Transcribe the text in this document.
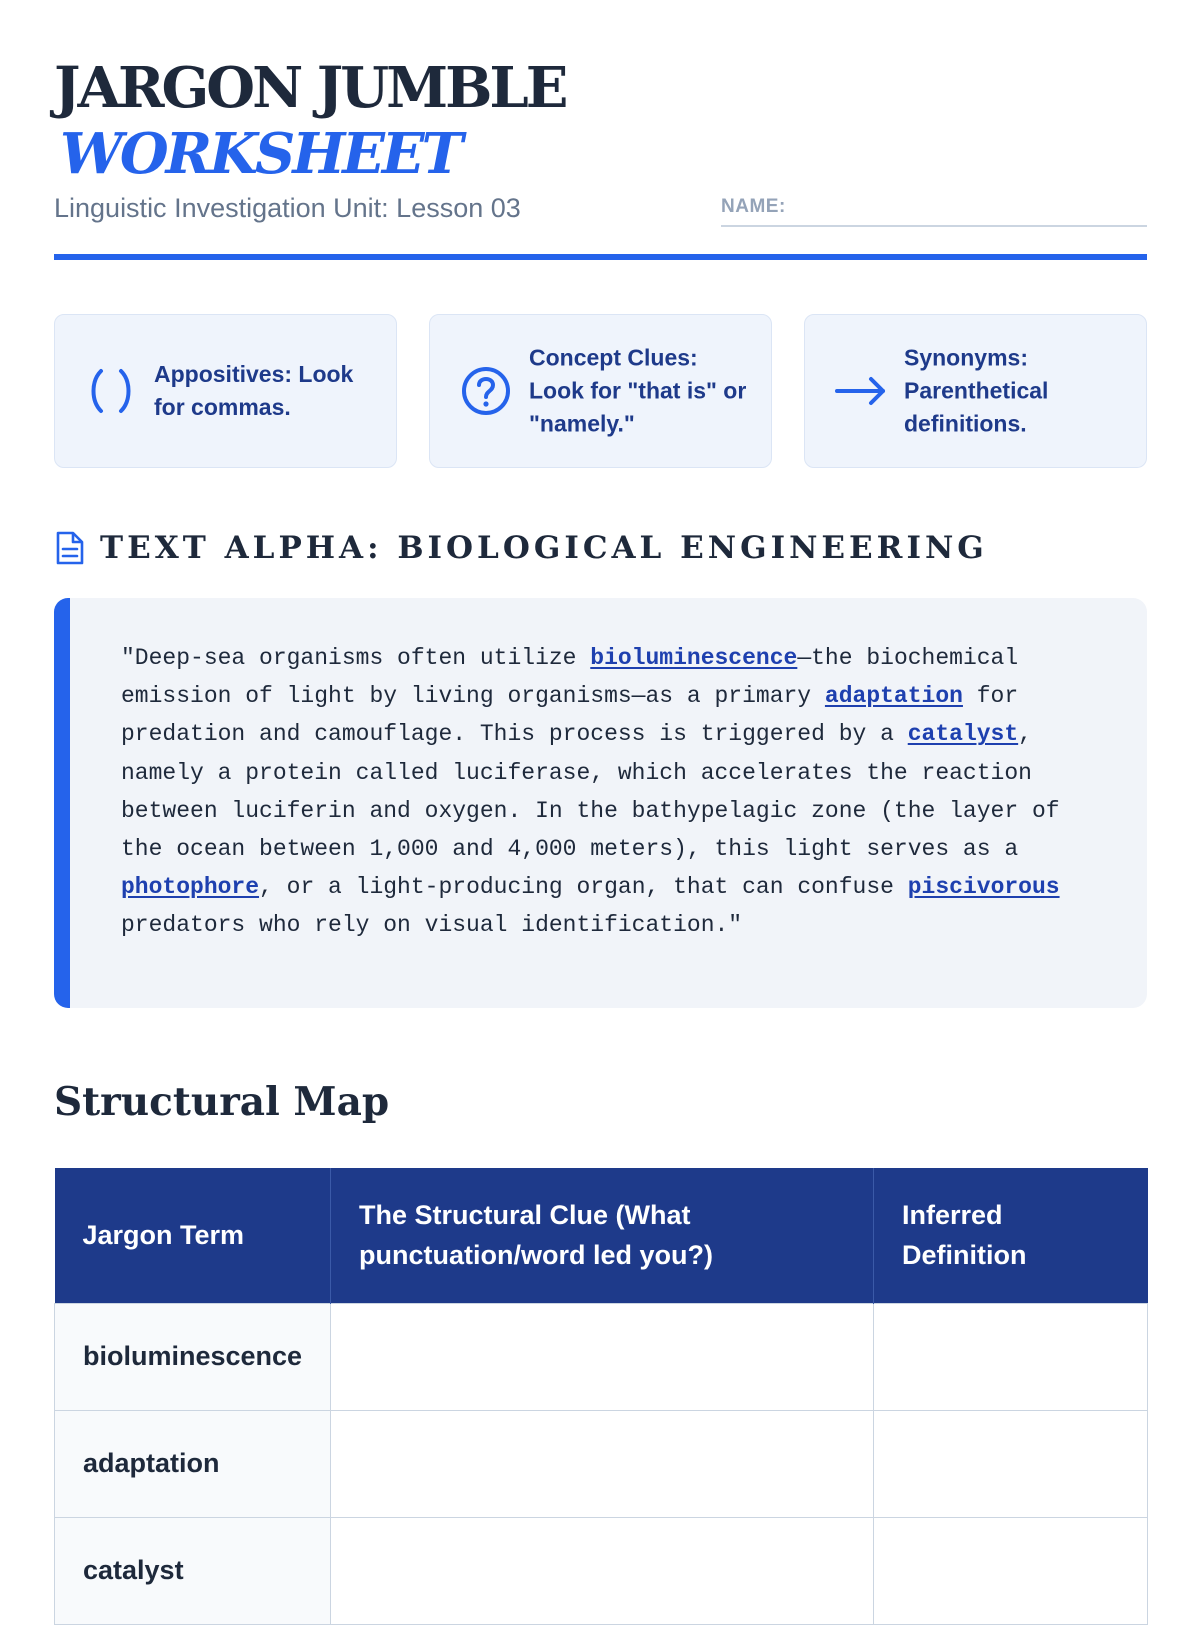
JARGON JUMBLE
WORKSHEET
Linguistic Investigation Unit: Lesson 03	NAME:
Appositives: Look for commas.
Concept Clues: Look for "that is" or "namely."
Synonyms: Parenthetical definitions.
TEXT ALPHA: BIOLOGICAL ENGINEERING
"Deep-sea organisms often utilize bioluminescence—the biochemical emission of light by living organisms—as a primary adaptation for predation and camouflage. This process is triggered by a catalyst, namely a protein called luciferase, which accelerates the reaction between luciferin and oxygen. In the bathypelagic zone (the layer of the ocean between 1,000 and 4,000 meters), this light serves as a photophore, or a light-producing organ, that can confuse piscivorous predators who rely on visual identification."
Structural Map
Jargon Term	The Structural Clue (What punctuation/word led you?)	Inferred Definition
bioluminescence		
adaptation		
catalyst		
